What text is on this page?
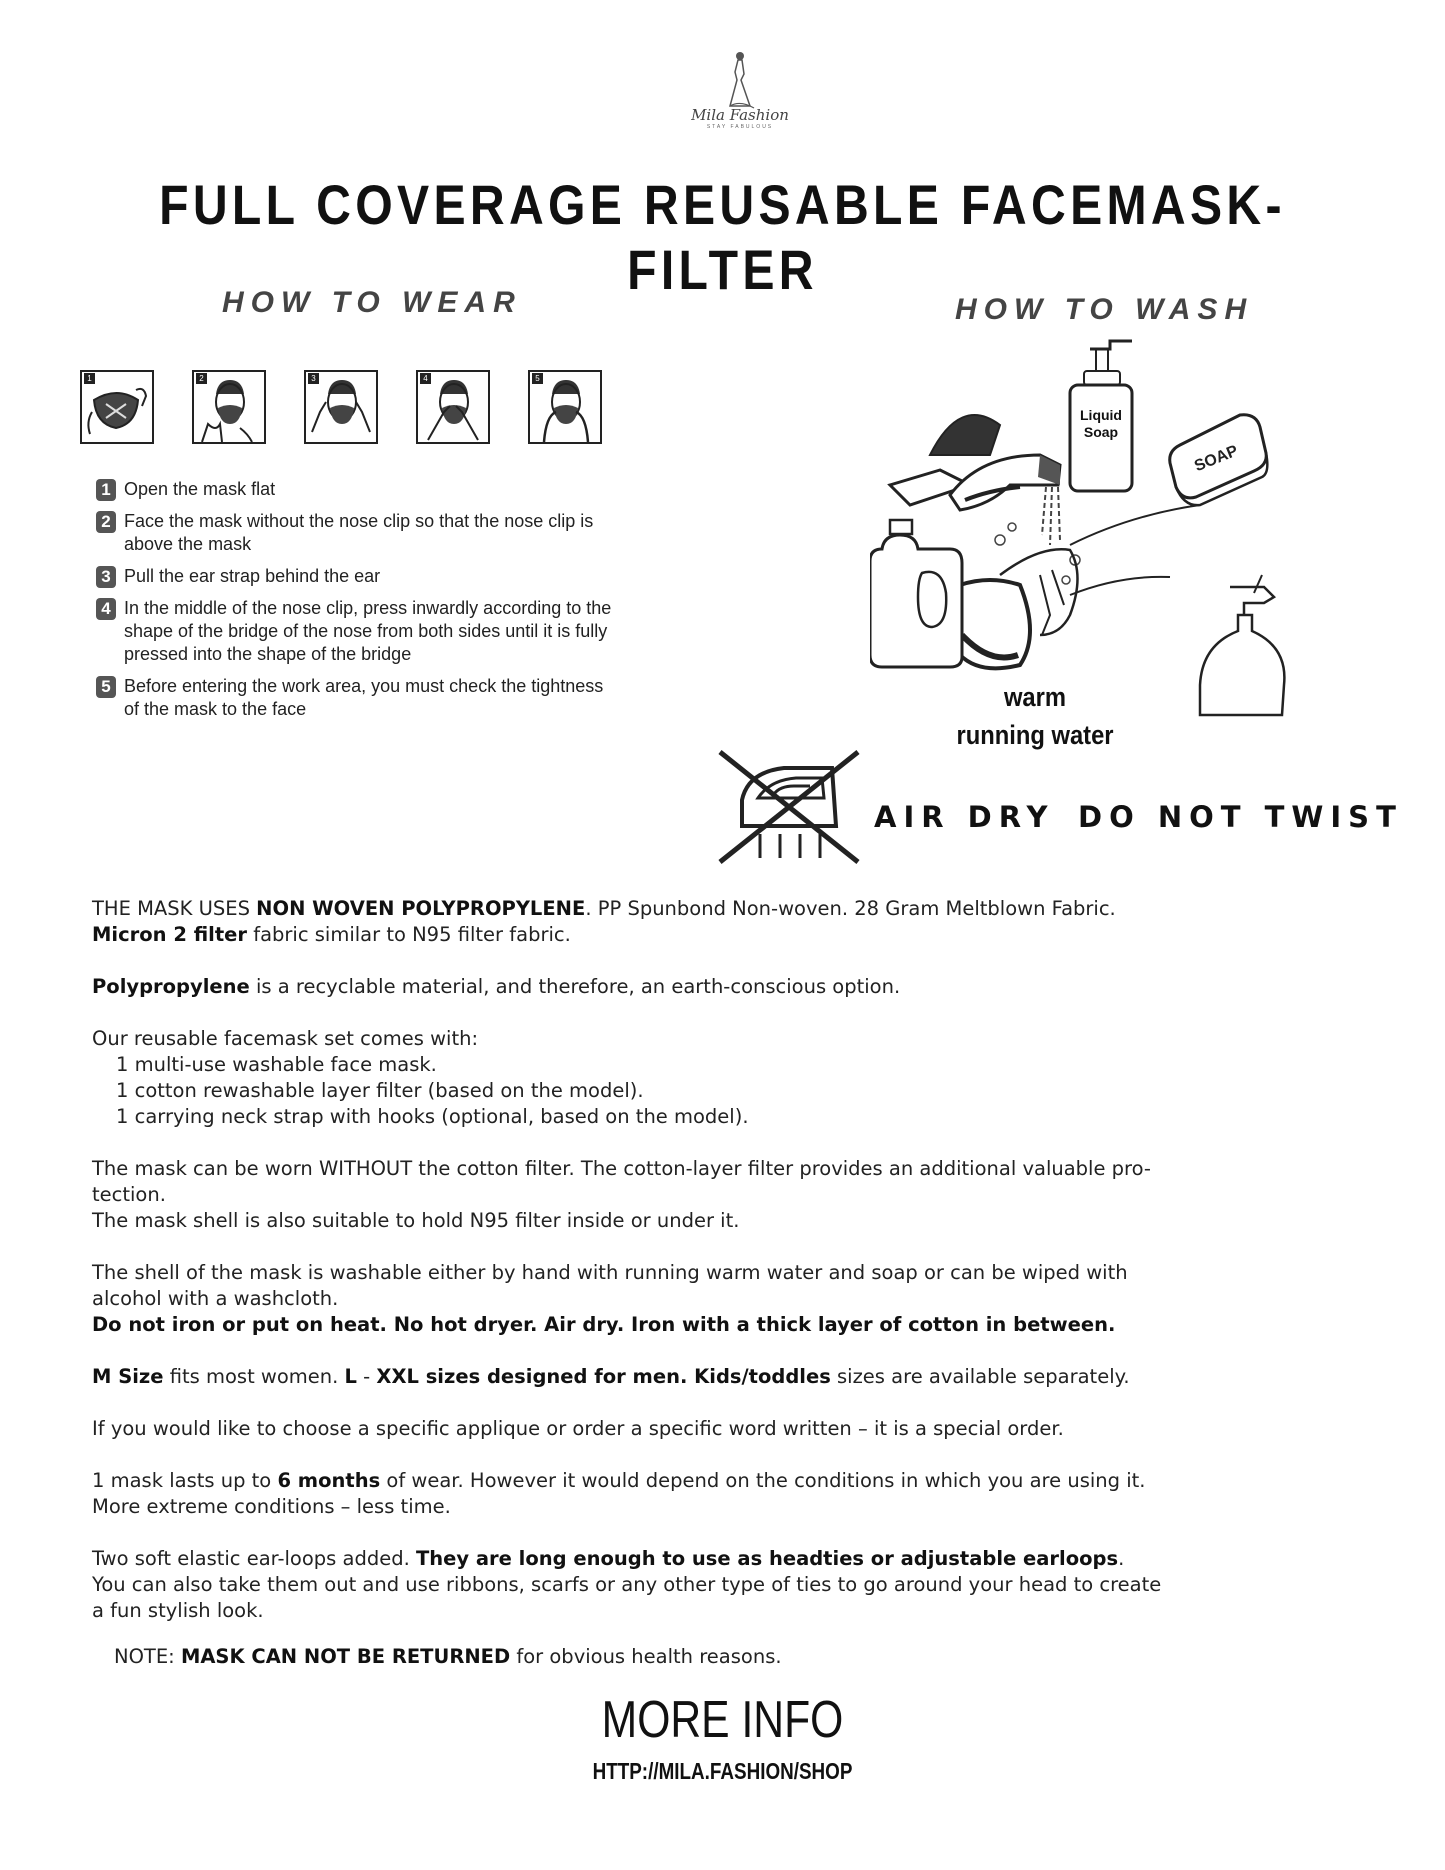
Mila Fashion
STAY FABULOUS
FULL COVERAGE REUSABLE FACEMASK-FILTER
HOW TO WEAR	HOW TO WASH
1	2	3	4	5
1 Open the mask flat
2 Face the mask without the nose clip so that the nose clip is above the mask
3 Pull the ear strap behind the ear
4 In the middle of the nose clip, press inwardly according to the shape of the bridge of the nose from both sides until it is fully pressed into the shape of the bridge
5 Before entering the work area, you must check the tightness of the mask to the face
Liquid
Soap
SOAP
warm
running water
AIR DRY DO NOT TWIST

THE MASK USES NON WOVEN POLYPROPYLENE. PP Spunbond Non-woven. 28 Gram Meltblown Fabric.
Micron 2 filter fabric similar to N95 filter fabric.

Polypropylene is a recyclable material, and therefore, an earth-conscious option.

Our reusable facemask set comes with:

1 multi-use washable face mask.

1 cotton rewashable layer filter (based on the model).

1 carrying neck strap with hooks (optional, based on the model).

The mask can be worn WITHOUT the cotton filter. The cotton-layer filter provides an additional valuable pro-
tection.
The mask shell is also suitable to hold N95 filter inside or under it.

The shell of the mask is washable either by hand with running warm water and soap or can be wiped with
alcohol with a washcloth.
Do not iron or put on heat. No hot dryer. Air dry. Iron with a thick layer of cotton in between.

M Size fits most women. L - XXL sizes designed for men. Kids/toddles sizes are available separately.

If you would like to choose a specific applique or order a specific word written – it is a special order.

1 mask lasts up to 6 months of wear. However it would depend on the conditions in which you are using it.
More extreme conditions – less time.

Two soft elastic ear-loops added. They are long enough to use as headties or adjustable earloops.
You can also take them out and use ribbons, scarfs or any other type of ties to go around your head to create
a fun stylish look.

NOTE: MASK CAN NOT BE RETURNED for obvious health reasons.

MORE INFO
HTTP://MILA.FASHION/SHOP
